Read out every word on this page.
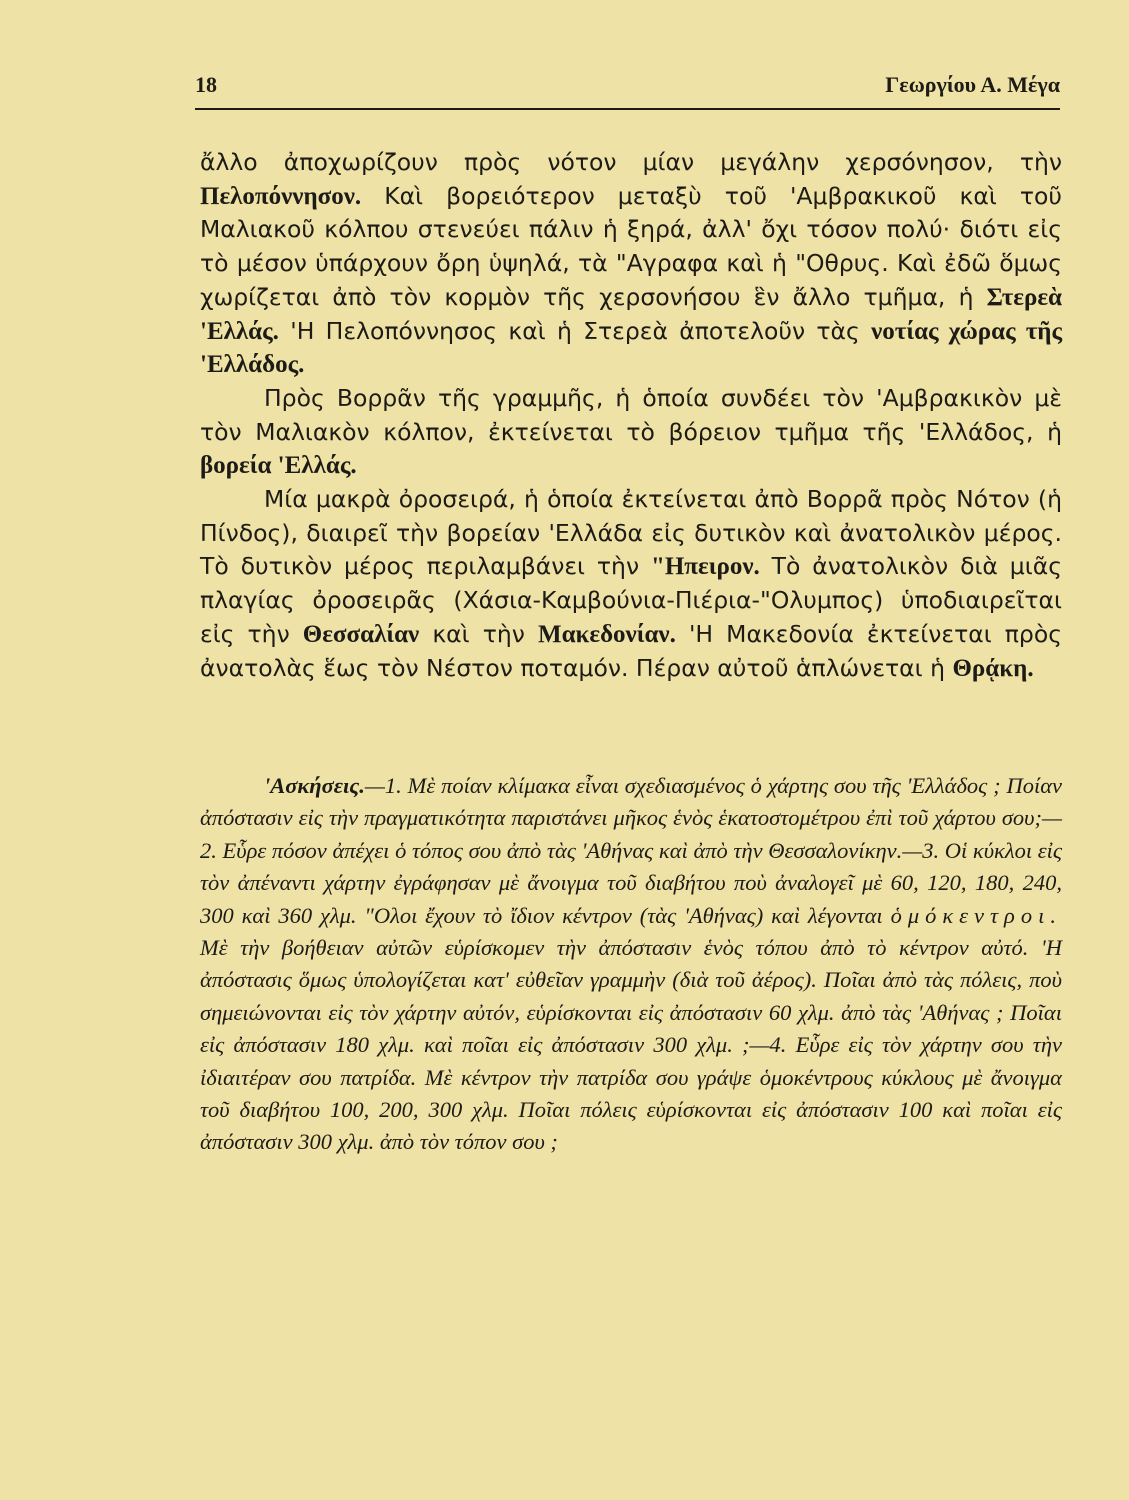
18	Γεωργίου Α. Μέγα

ἄλλο ἀποχωρίζουν πρὸς νότον μίαν μεγάλην χερσόνησον, τὴν Πελοπόννησον. Καὶ βορειότερον μεταξὺ τοῦ 'Αμβρακικοῦ καὶ τοῦ Μαλιακοῦ κόλπου στενεύει πάλιν ἡ ξηρά, ἀλλ' ὄχι τόσον πολύ· διότι εἰς τὸ μέσον ὑπάρχουν ὄρη ὑψηλά, τὰ "Αγραφα καὶ ἡ "Οθρυς. Καὶ ἐδῶ ὅμως χωρίζεται ἀπὸ τὸν κορμὸν τῆς χερσονήσου ἓν ἄλλο τμῆμα, ἡ Στερεὰ 'Ελλάς. 'Η Πελοπόννησος καὶ ἡ Στερεὰ ἀποτελοῦν τὰς νοτίας χώρας τῆς 'Ελλάδος.

Πρὸς Βορρᾶν τῆς γραμμῆς, ἡ ὁποία συνδέει τὸν 'Αμβρακικὸν μὲ τὸν Μαλιακὸν κόλπον, ἐκτείνεται τὸ βόρειον τμῆμα τῆς 'Ελλάδος, ἡ βορεία 'Ελλάς.

Μία μακρὰ ὀροσειρά, ἡ ὁποία ἐκτείνεται ἀπὸ Βορρᾶ πρὸς Νότον (ἡ Πίνδος), διαιρεῖ τὴν βορείαν 'Ελλάδα εἰς δυτικὸν καὶ ἀνατολικὸν μέρος. Τὸ δυτικὸν μέρος περιλαμβάνει τὴν "Ηπειρον. Τὸ ἀνατολικὸν διὰ μιᾶς πλαγίας ὀροσειρᾶς (Χάσια-Καμβούνια-Πιέρια-"Ολυμπος) ὑποδιαιρεῖται εἰς τὴν Θεσσαλίαν καὶ τὴν Μακεδονίαν. 'Η Μακεδονία ἐκτείνεται πρὸς ἀνατολὰς ἕως τὸν Νέστον ποταμόν. Πέραν αὐτοῦ ἁπλώνεται ἡ Θρᾴκη.

'Ασκήσεις.—1. Μὲ ποίαν κλίμακα εἶναι σχεδιασμένος ὁ χάρτης σου τῆς 'Ελλάδος ; Ποίαν ἀπόστασιν εἰς τὴν πραγματικότητα παριστάνει μῆκος ἑνὸς ἑκατοστομέτρου ἐπὶ τοῦ χάρτου σου;—2. Εὗρε πόσον ἀπέχει ὁ τόπος σου ἀπὸ τὰς 'Αθήνας καὶ ἀπὸ τὴν Θεσσαλονίκην.—3. Οἱ κύκλοι εἰς τὸν ἀπέναντι χάρτην ἐγράφησαν μὲ ἄνοιγμα τοῦ διαβήτου ποὺ ἀναλογεῖ μὲ 60, 120, 180, 240, 300 καὶ 360 χλμ. "Ολοι ἔχουν τὸ ἴδιον κέντρον (τὰς 'Αθήνας) καὶ λέγονται ὁμόκεντροι. Μὲ τὴν βοήθειαν αὐτῶν εὑρίσκομεν τὴν ἀπόστασιν ἑνὸς τόπου ἀπὸ τὸ κέντρον αὐτό. 'Η ἀπόστασις ὅμως ὑπολογίζεται κατ' εὐθεῖαν γραμμὴν (διὰ τοῦ ἀέρος). Ποῖαι ἀπὸ τὰς πόλεις, ποὺ σημειώνονται εἰς τὸν χάρτην αὐτόν, εὑρίσκονται εἰς ἀπόστασιν 60 χλμ. ἀπὸ τὰς 'Αθήνας ; Ποῖαι εἰς ἀπόστασιν 180 χλμ. καὶ ποῖαι εἰς ἀπόστασιν 300 χλμ. ;—4. Εὗρε εἰς τὸν χάρτην σου τὴν ἰδιαιτέραν σου πατρίδα. Μὲ κέντρον τὴν πατρίδα σου γράψε ὁμοκέντρους κύκλους μὲ ἄνοιγμα τοῦ διαβήτου 100, 200, 300 χλμ. Ποῖαι πόλεις εὑρίσκονται εἰς ἀπόστασιν 100 καὶ ποῖαι εἰς ἀπόστασιν 300 χλμ. ἀπὸ τὸν τόπον σου ;
